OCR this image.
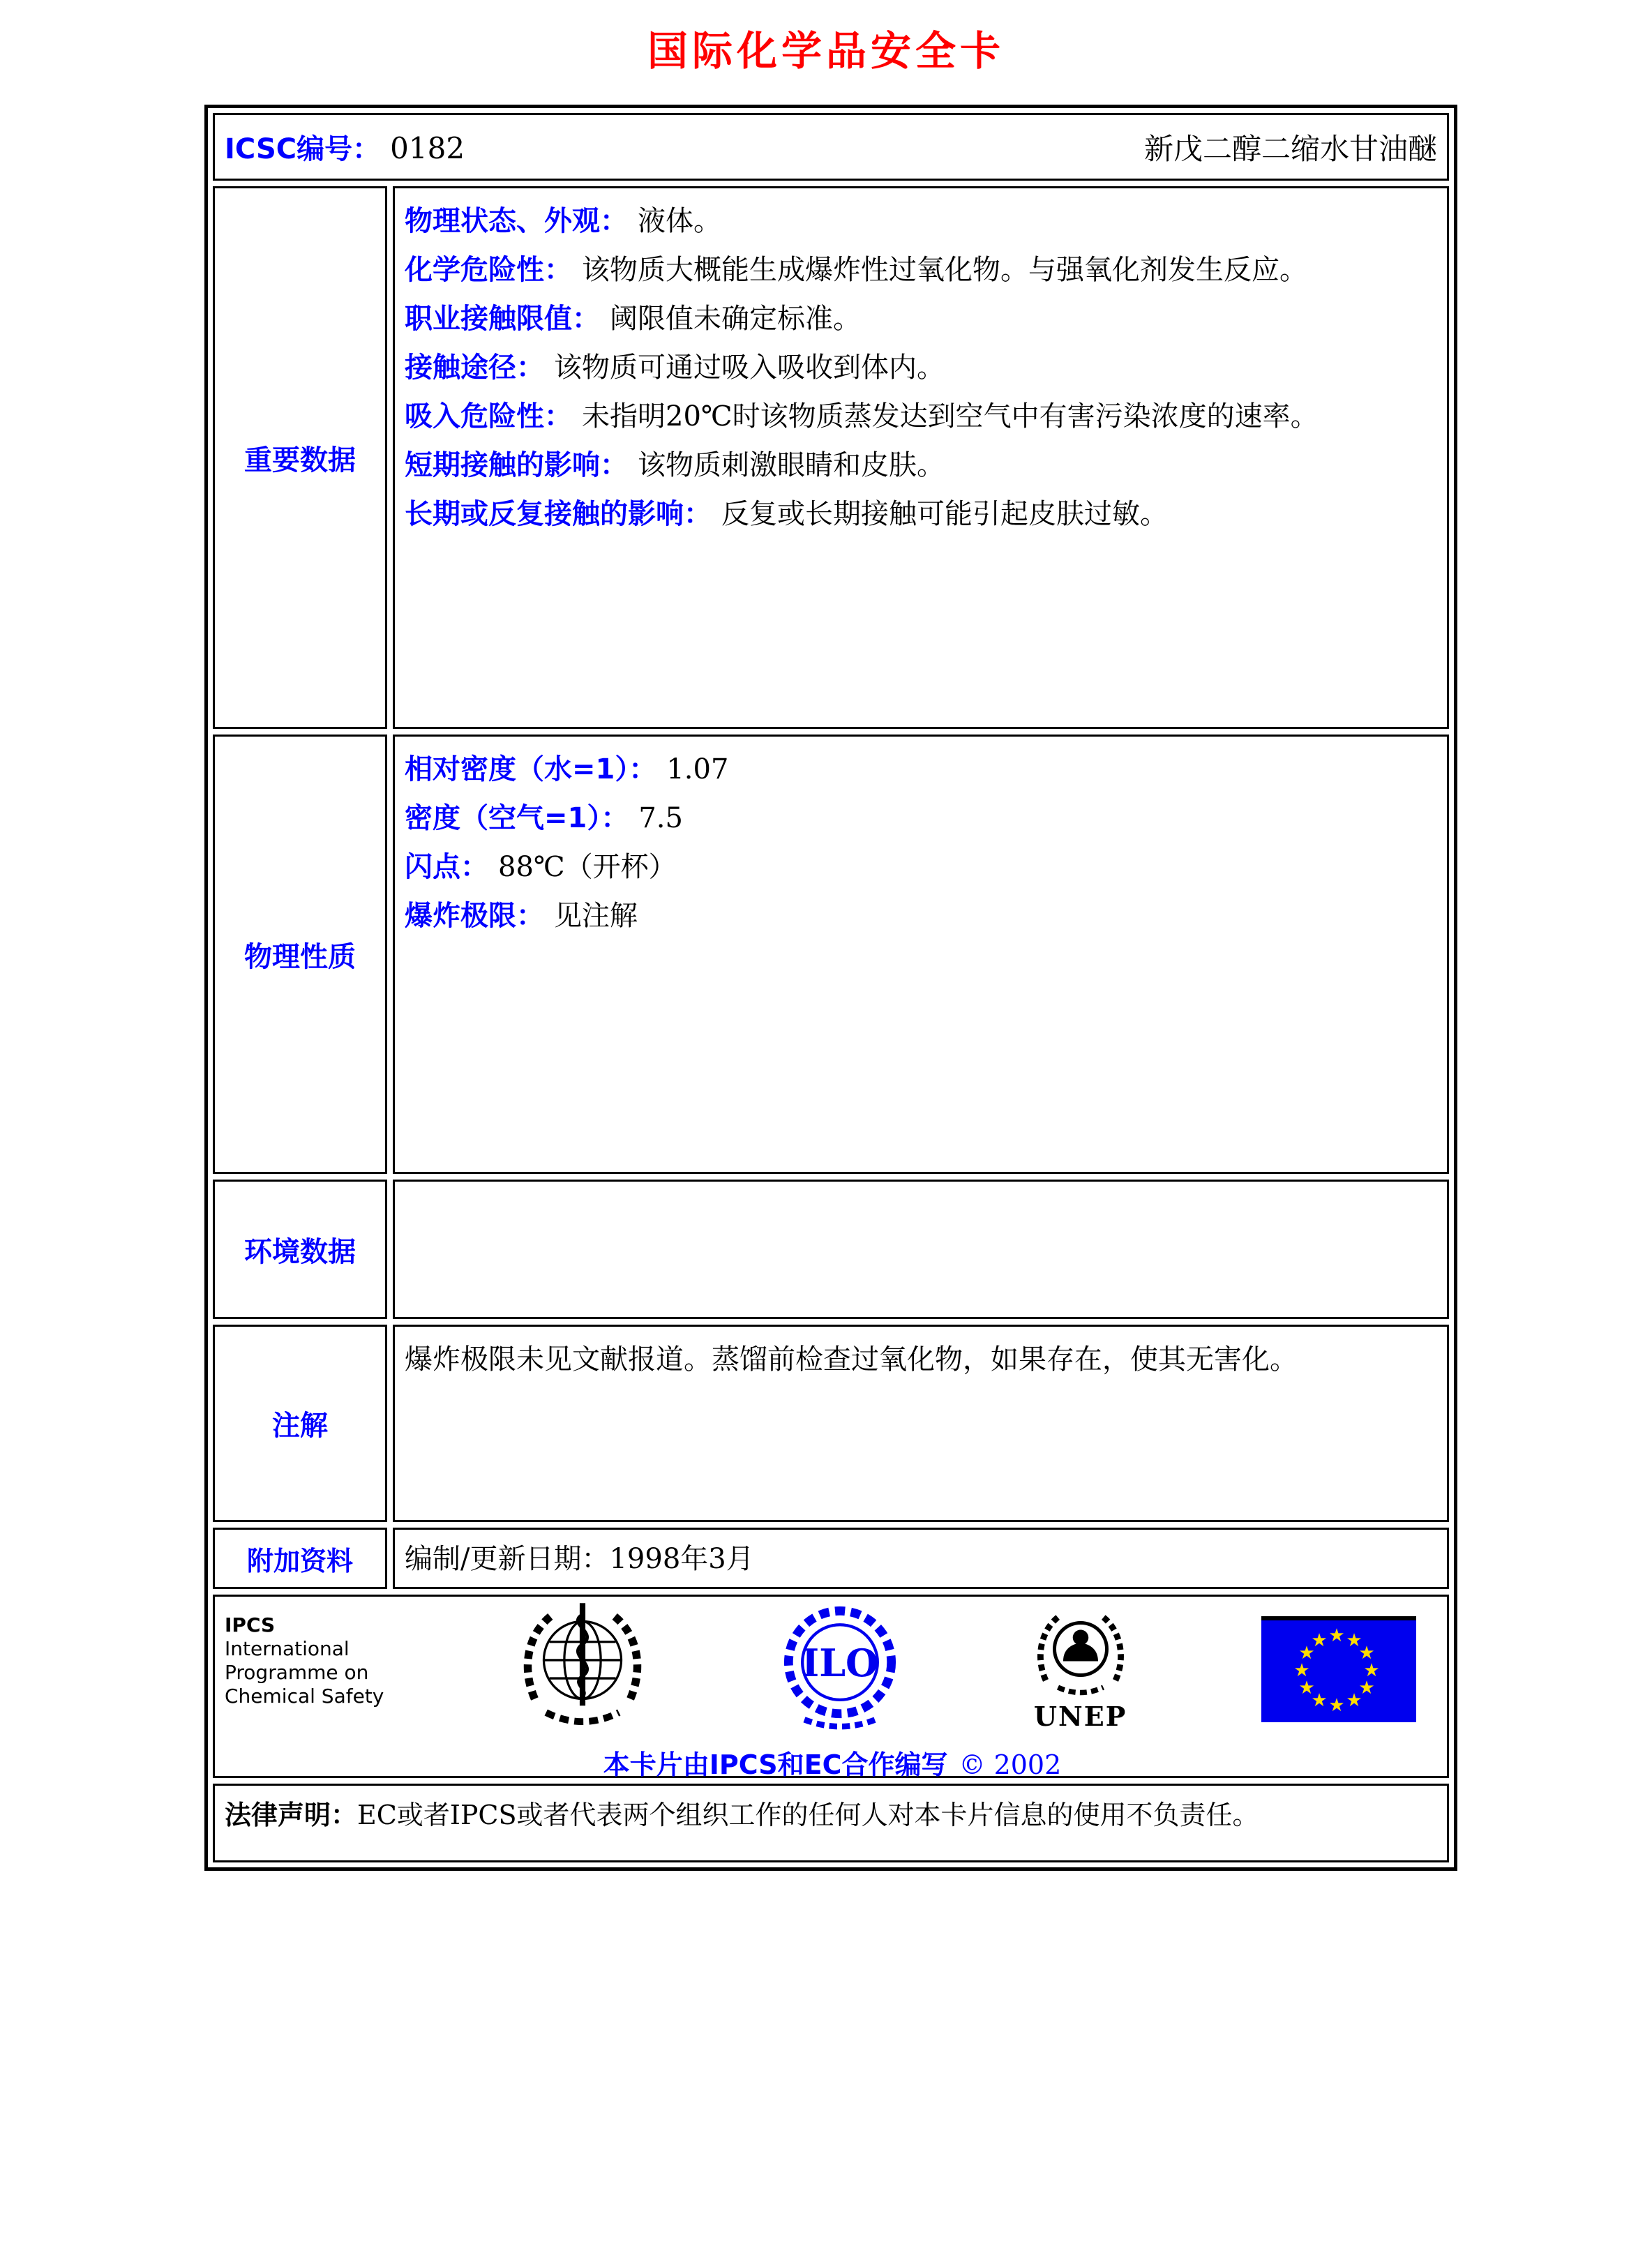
国际化学品安全卡
ICSC编号： 0182	新戊二醇二缩水甘油醚
重要数据

物理状态、外观： 液体。

化学危险性： 该物质大概能生成爆炸性过氧化物。与强氧化剂发生反应。

职业接触限值： 阈限值未确定标准。

接触途径： 该物质可通过吸入吸收到体内。

吸入危险性： 未指明20℃时该物质蒸发达到空气中有害污染浓度的速率。

短期接触的影响： 该物质刺激眼睛和皮肤。

长期或反复接触的影响： 反复或长期接触可能引起皮肤过敏。

物理性质

相对密度（水=1）： 1.07

密度（空气=1）： 7.5

闪点： 88℃（开杯）

爆炸极限： 见注解

环境数据
注解

爆炸极限未见文献报道。蒸馏前检查过氧化物，如果存在，使其无害化。

附加资料	编制/更新日期：1998年3月

IPCS

International

Programme on

Chemical Safety

ILO
UNEP
★ ★
★
★
★
★
★
★
★
★
★
★
本卡片由IPCS和EC合作编写 © 2002
法律声明：EC或者IPCS或者代表两个组织工作的任何人对本卡片信息的使用不负责任。
